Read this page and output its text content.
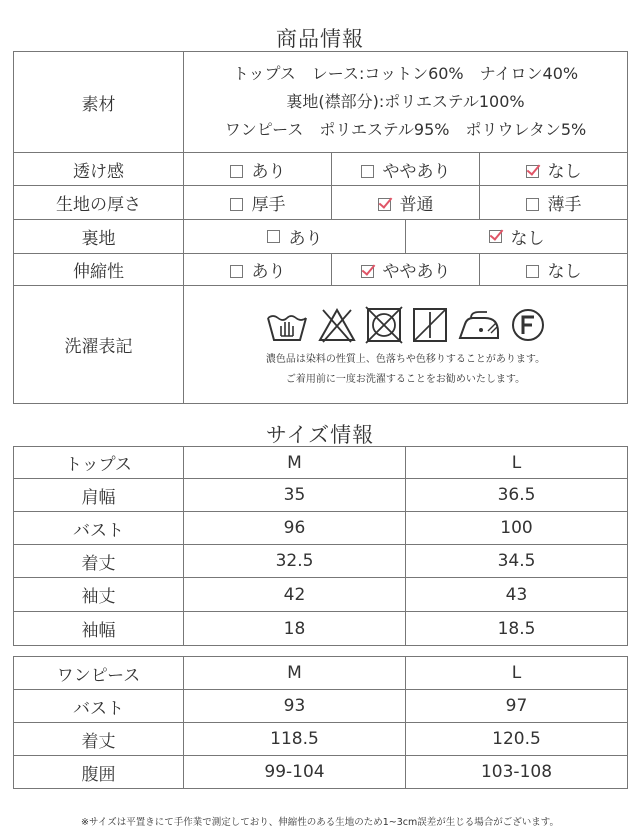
商品情報
素材	トップス　レース:コットン60%　ナイロン40%
裏地(襟部分):ポリエステル100%
ワンピース　ポリエステル95%　ポリウレタン5%		

透け感	あり	ややあり	なし
生地の厚さ	厚手	普通	薄手
裏地	あり なし		

伸縮性	あり	ややあり	なし
洗濯表記	濃色品は染料の性質上、色落ちや色移りすることがあります。
ご着用前に一度お洗濯することをお勧めいたします。		
サイズ情報
トップス	M	L
肩幅	35	36.5
バスト	96	100
着丈	32.5	34.5
袖丈	42	43
袖幅	18	18.5
ワンピース	M	L
バスト	93	97
着丈	118.5	120.5
腹囲	99-104	103-108
※サイズは平置きにて手作業で測定しており、伸縮性のある生地のため1~3cm誤差が生じる場合がございます。
